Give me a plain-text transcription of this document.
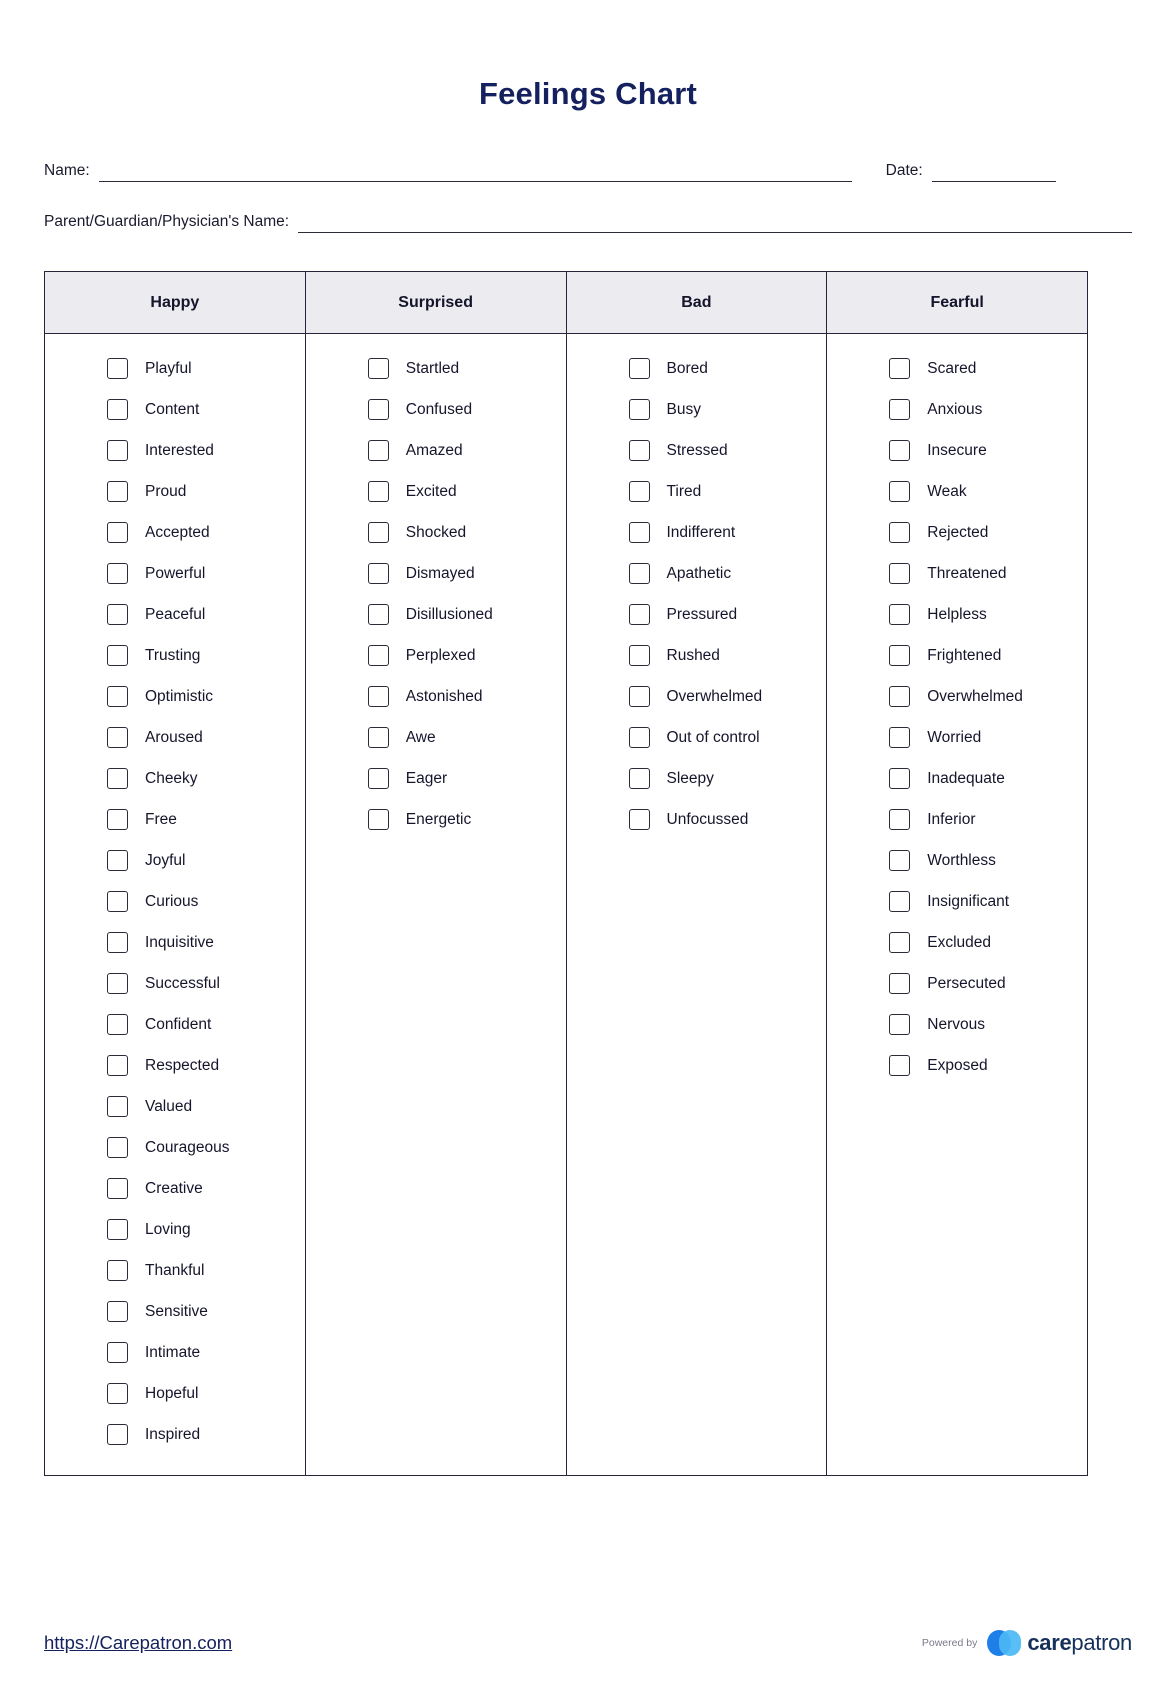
Feelings Chart
Name:	Date:
Parent/Guardian/Physician's Name:
Happy	Surprised	Bad	Fearful

Playful
Content
Interested
Proud
Accepted
Powerful
Peaceful
Trusting
Optimistic
Aroused
Cheeky
Free
Joyful
Curious
Inquisitive
Successful
Confident
Respected
Valued
Courageous
Creative
Loving
Thankful
Sensitive
Intimate
Hopeful
Inspired

Startled
Confused
Amazed
Excited
Shocked
Dismayed
Disillusioned
Perplexed
Astonished
Awe
Eager
Energetic

Bored
Busy
Stressed
Tired
Indifferent
Apathetic
Pressured
Rushed
Overwhelmed
Out of control
Sleepy
Unfocussed

Scared
Anxious
Insecure
Weak
Rejected
Threatened
Helpless
Frightened
Overwhelmed
Worried
Inadequate
Inferior
Worthless
Insignificant
Excluded
Persecuted
Nervous
Exposed
https://Carepatron.com	Powered by carepatron
